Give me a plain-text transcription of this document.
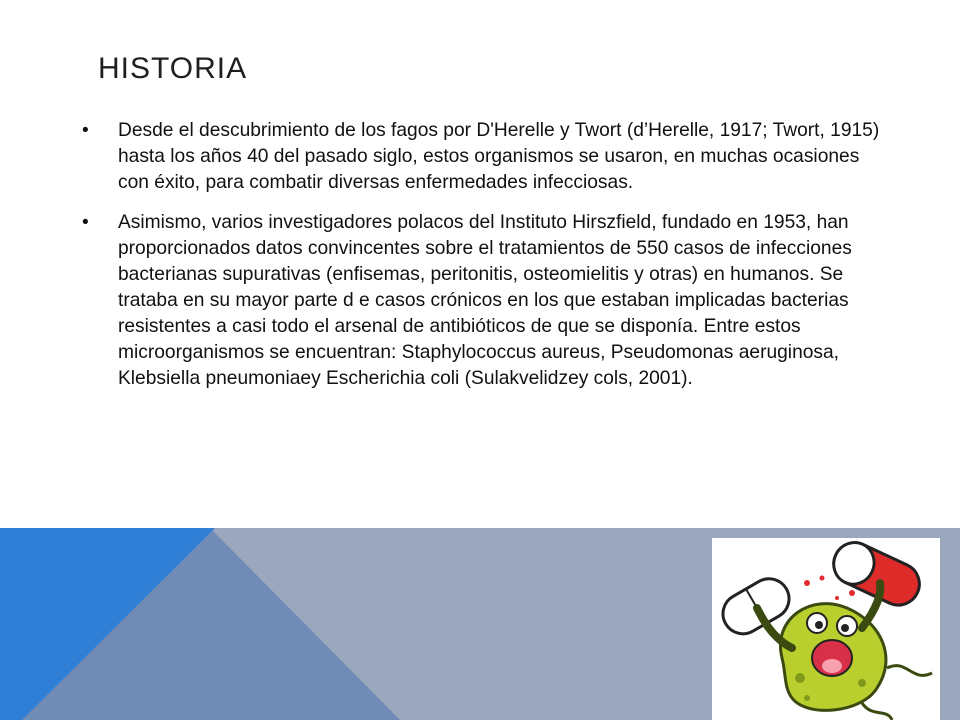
HISTORIA
• Desde el descubrimiento de los fagos por D'Herelle y Twort (d’Herelle, 1917; Twort, 1915) hasta los años 40 del pasado siglo, estos organismos se usaron, en muchas ocasiones con éxito, para combatir diversas enfermedades infecciosas.
• Asimismo, varios investigadores polacos del Instituto Hirszfield, fundado en 1953, han proporcionados datos convincentes sobre el tratamientos de 550 casos de infecciones bacterianas supurativas (enfisemas, peritonitis, osteomielitis y otras) en humanos. Se trataba en su mayor parte d e casos crónicos en los que estaban implicadas bacterias resistentes a casi todo el arsenal de antibióticos de que se disponía. Entre estos microorganismos se encuentran: Staphylococcus aureus, Pseudomonas aeruginosa, Klebsiella pneumoniaey Escherichia coli (Sulakvelidzey cols, 2001).
